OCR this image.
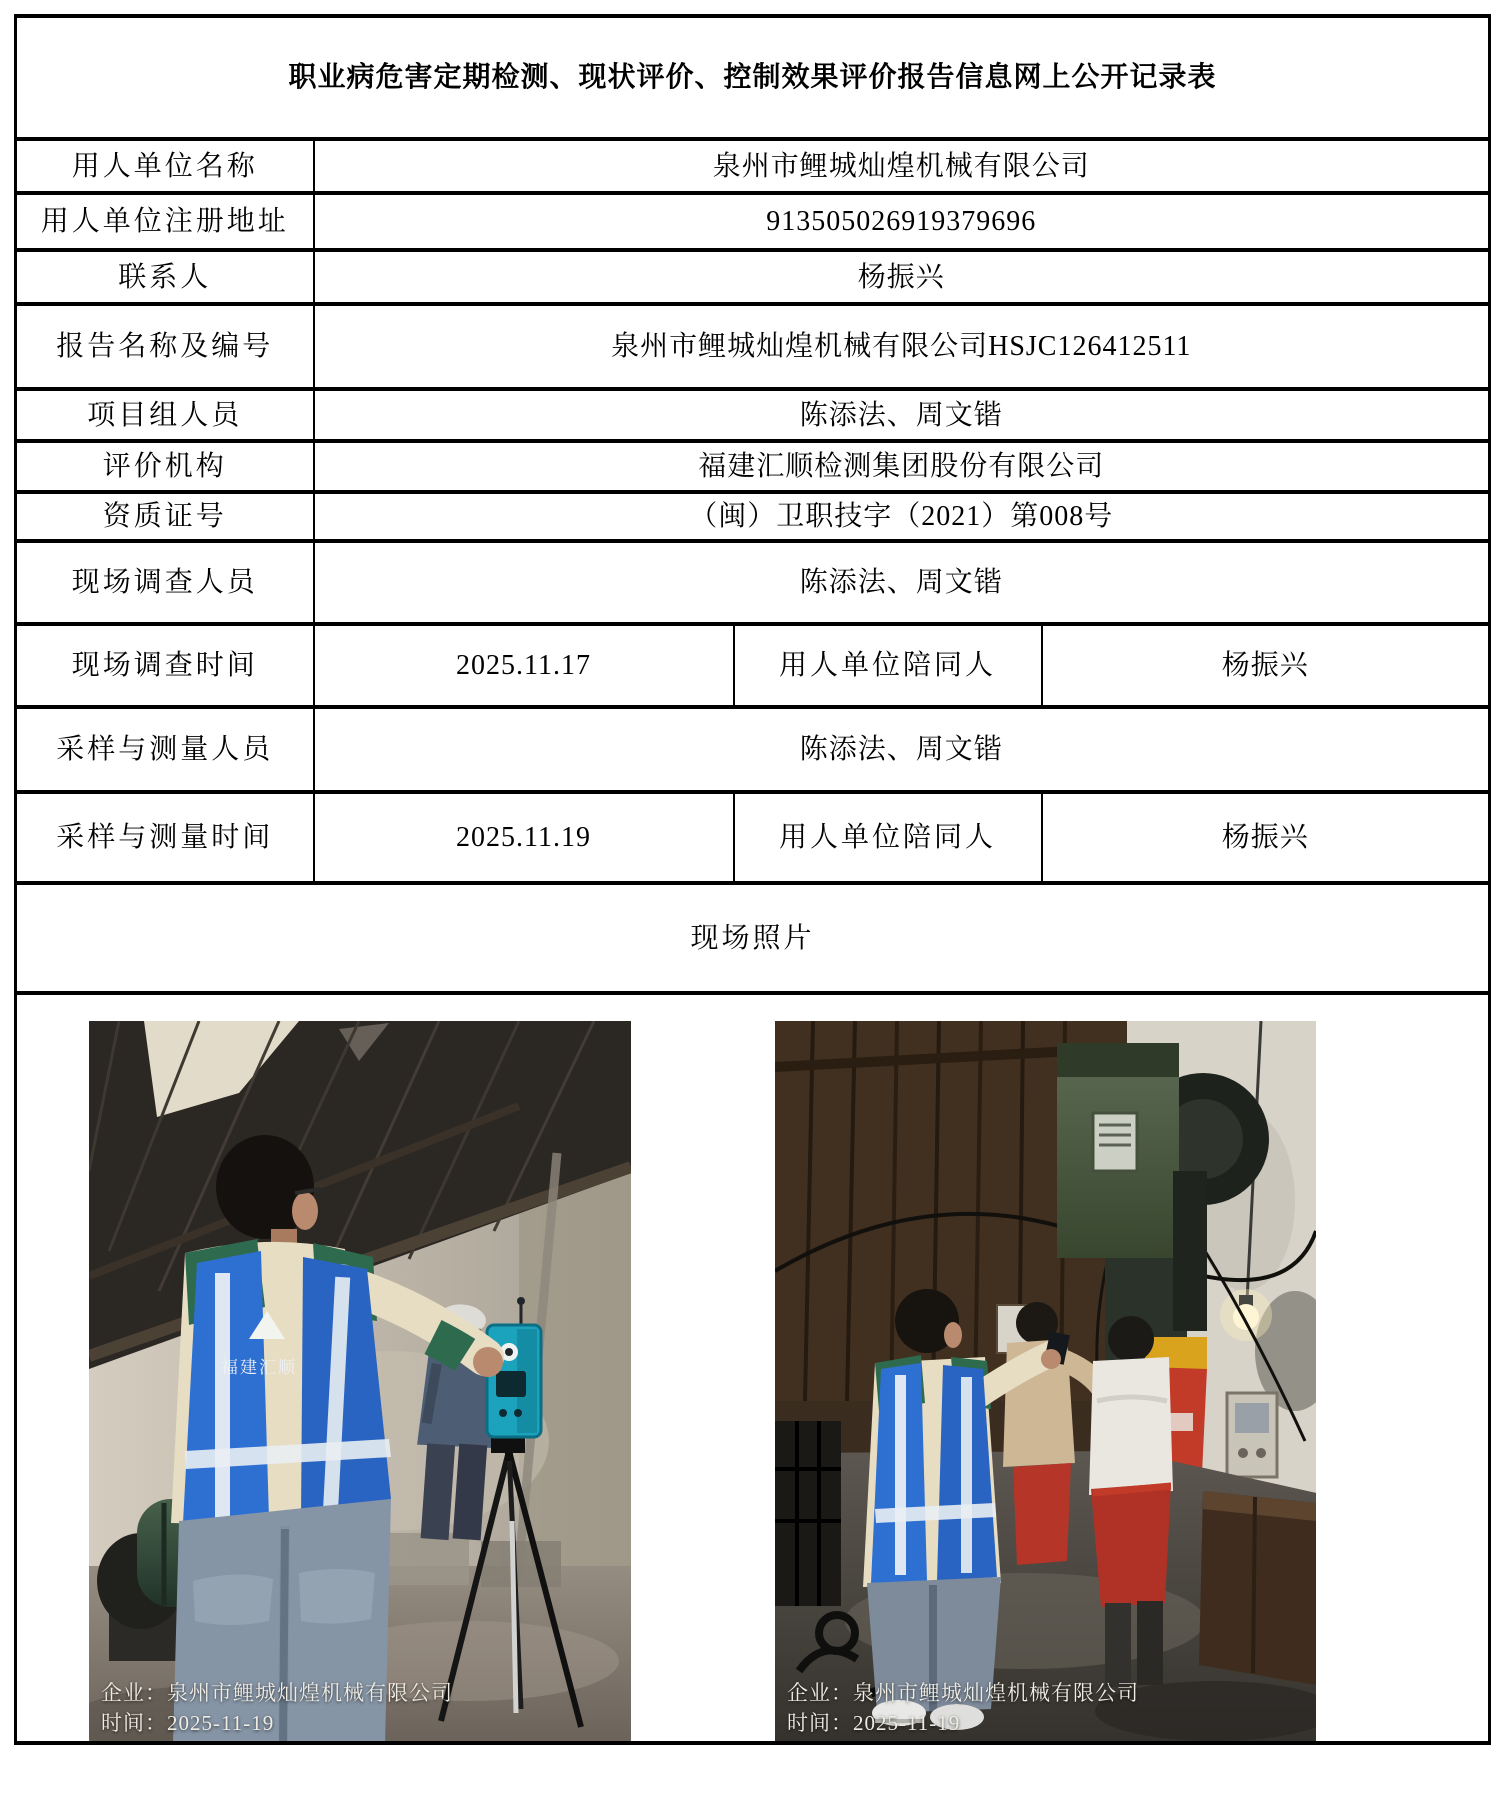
职业病危害定期检测、现状评价、控制效果评价报告信息网上公开记录表			
用人单位名称	泉州市鲤城灿煌机械有限公司		
用人单位注册地址	913505026919379696		
联系人	杨振兴		
报告名称及编号	泉州市鲤城灿煌机械有限公司HSJC126412511		
项目组人员	陈添法、周文锴		
评价机构	福建汇顺检测集团股份有限公司		
资质证号	（闽）卫职技字（2021）第008号		
现场调查人员	陈添法、周文锴		
现场调查时间	2025.11.17	用人单位陪同人	杨振兴
采样与测量人员	陈添法、周文锴		
采样与测量时间	2025.11.19	用人单位陪同人	杨振兴
现场照片			

福建汇顺
企业：泉州市鲤城灿煌机械有限公司
时间：2025-11-19
企业：泉州市鲤城灿煌机械有限公司
时间：2025-11-19			
